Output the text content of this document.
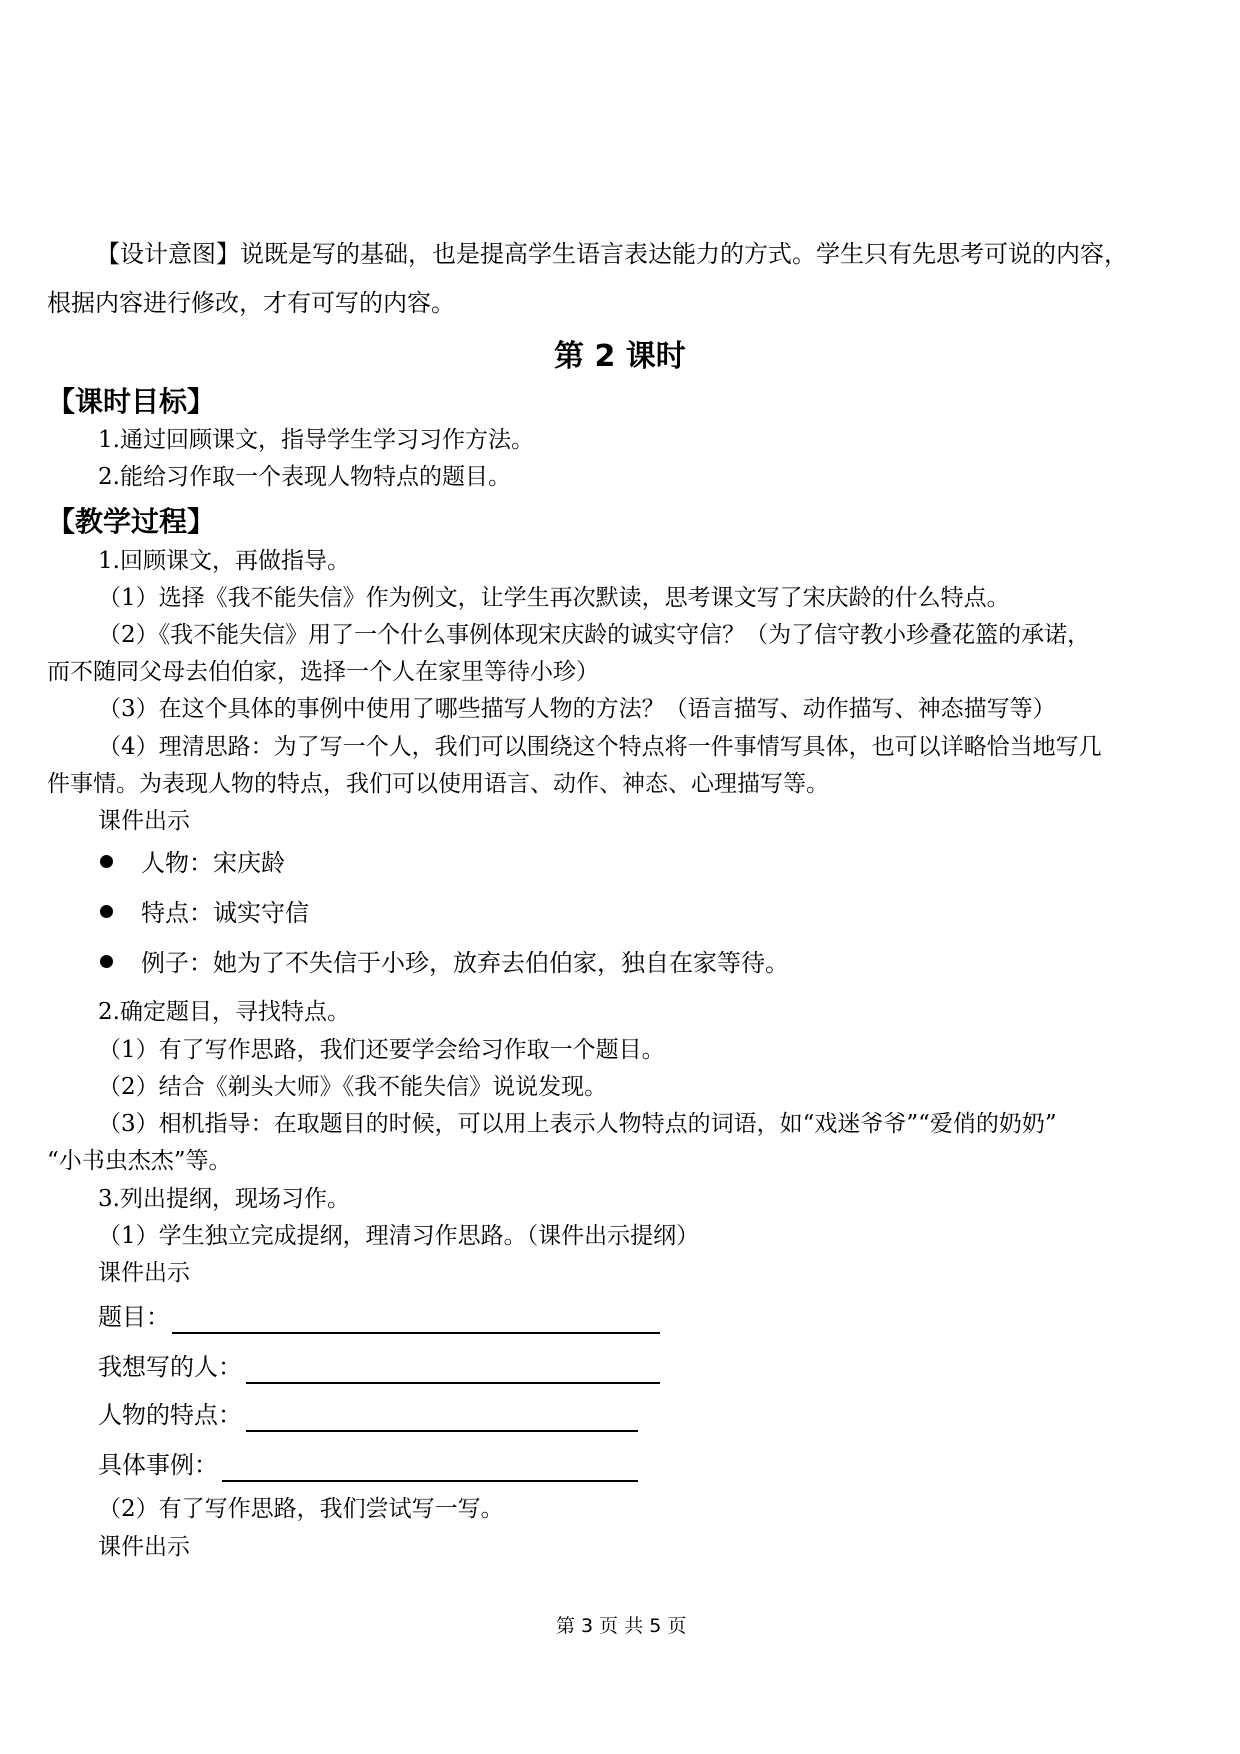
【设计意图】说既是写的基础，也是提高学生语言表达能力的方式。学生只有先思考可说的内容，
根据内容进行修改，才有可写的内容。
第 2 课时
【课时目标】
1.通过回顾课文，指导学生学习习作方法。
2.能给习作取一个表现人物特点的题目。
【教学过程】
1.回顾课文，再做指导。
（1）选择《我不能失信》作为例文，让学生再次默读，思考课文写了宋庆龄的什么特点。
（2）《我不能失信》用了一个什么事例体现宋庆龄的诚实守信？（为了信守教小珍叠花篮的承诺，
而不随同父母去伯伯家，选择一个人在家里等待小珍）
（3）在这个具体的事例中使用了哪些描写人物的方法？（语言描写、动作描写、神态描写等）
（4）理清思路：为了写一个人，我们可以围绕这个特点将一件事情写具体，也可以详略恰当地写几
件事情。为表现人物的特点，我们可以使用语言、动作、神态、心理描写等。
课件出示
人物：宋庆龄
特点：诚实守信
例子：她为了不失信于小珍，放弃去伯伯家，独自在家等待。
2.确定题目，寻找特点。
（1）有了写作思路，我们还要学会给习作取一个题目。
（2）结合《剃头大师》《我不能失信》说说发现。
（3）相机指导：在取题目的时候，可以用上表示人物特点的词语，如“戏迷爷爷”“爱俏的奶奶”
“小书虫杰杰”等。
3.列出提纲，现场习作。
（1）学生独立完成提纲，理清习作思路。（课件出示提纲）
课件出示
题目：
我想写的人：
人物的特点：
具体事例：
（2）有了写作思路，我们尝试写一写。
课件出示
第 3 页 共 5 页
